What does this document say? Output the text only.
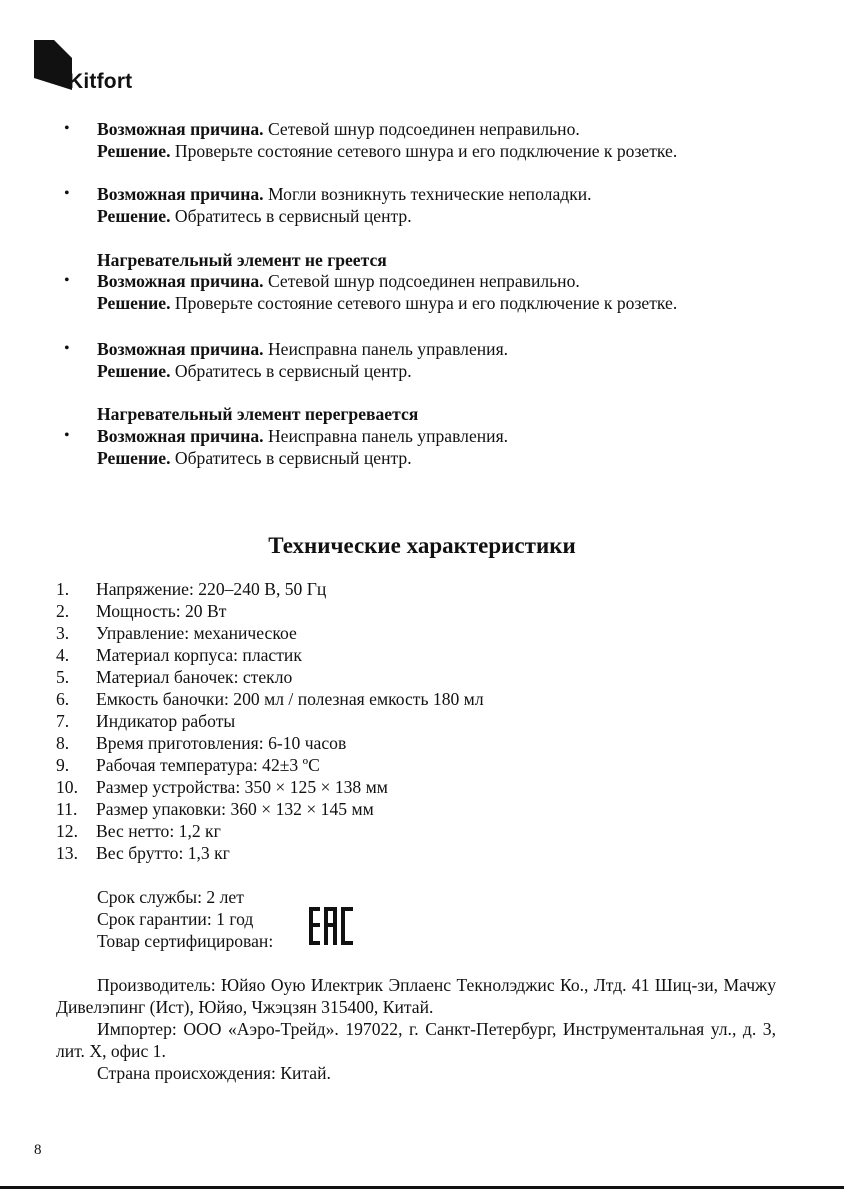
Kitfort
• Возможная причина. Сетевой шнур подсоединен неправильно.
Решение. Проверьте состояние сетевого шнура и его подключение к розетке.
• Возможная причина. Могли возникнуть технические неполадки.
Решение. Обратитесь в сервисный центр.
Нагревательный элемент не греется
• Возможная причина. Сетевой шнур подсоединен неправильно.
Решение. Проверьте состояние сетевого шнура и его подключение к розетке.
• Возможная причина. Неисправна панель управления.
Решение. Обратитесь в сервисный центр.
Нагревательный элемент перегревается
• Возможная причина. Неисправна панель управления.
Решение. Обратитесь в сервисный центр.
Технические характеристики
1. Напряжение: 220–240 В, 50 Гц
2. Мощность: 20 Вт
3. Управление: механическое
4. Материал корпуса: пластик
5. Материал баночек: стекло
6. Емкость баночки: 200 мл / полезная емкость 180 мл
7. Индикатор работы
8. Время приготовления: 6-10 часов
9. Рабочая температура: 42±3 ºC
10. Размер устройства: 350 × 125 × 138 мм
11. Размер упаковки: 360 × 132 × 145 мм
12. Вес нетто: 1,2 кг
13. Вес брутто: 1,3 кг
Срок службы: 2 лет
Срок гарантии: 1 год
Товар сертифицирован:
Производитель: Юйяо Оую Илектрик Эплаенс Текнолэджис Ко., Лтд. 41 Шиц-зи, Мачжу Дивелэпинг (Ист), Юйяо, Чжэцзян 315400, Китай.
Импортер: ООО «Аэро-Трейд». 197022, г. Санкт-Петербург, Инструментальная ул., д. 3, лит. Х, офис 1.
Страна происхождения: Китай.
8
